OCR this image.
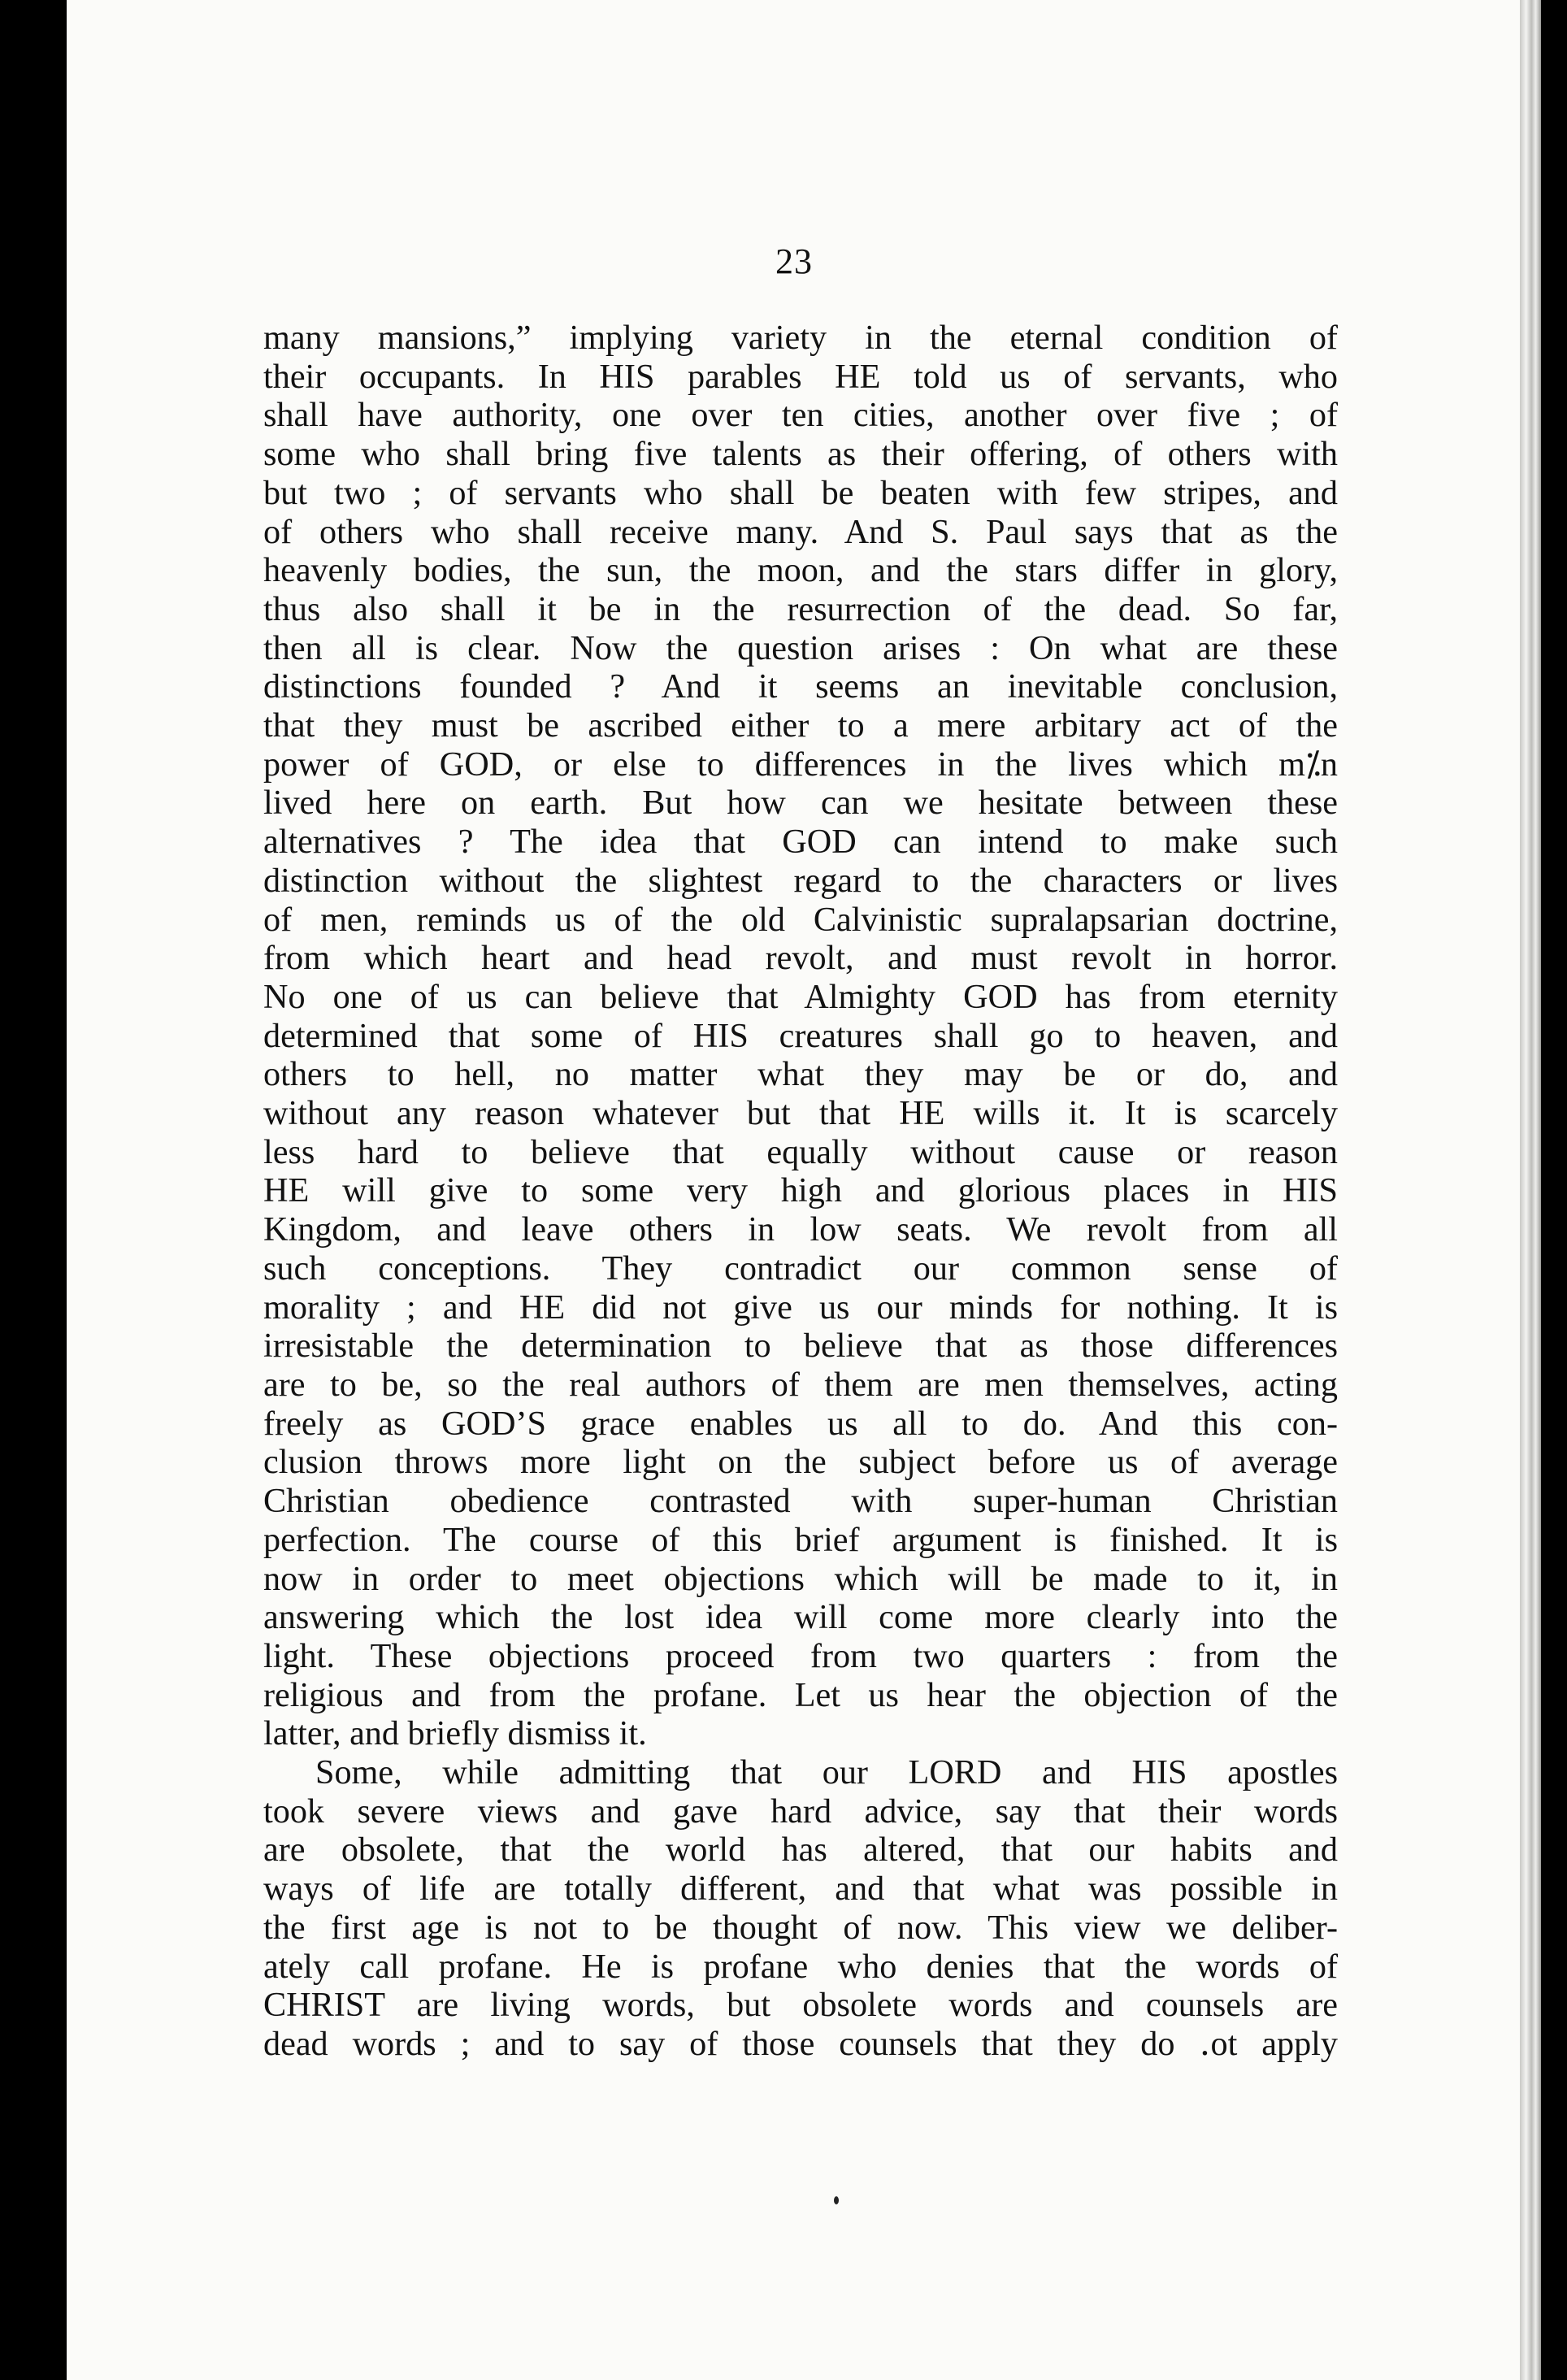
23
many mansions,” implying variety in the eternal condition of
their occupants. In HIS parables HE told us of servants, who
shall have authority, one over ten cities, another over five ; of
some who shall bring five talents as their offering, of others with
but two ; of servants who shall be beaten with few stripes, and
of others who shall receive many. And S. Paul says that as the
heavenly bodies, the sun, the moon, and the stars differ in glory,
thus also shall it be in the resurrection of the dead. So far,
then all is clear. Now the question arises : On what are these
distinctions founded ? And it seems an inevitable conclusion,
that they must be ascribed either to a mere arbitary act of the
power of GOD, or else to differences in the lives which m⁒n
lived here on earth. But how can we hesitate between these
alternatives ? The idea that GOD can intend to make such
distinction without the slightest regard to the characters or lives
of men, reminds us of the old Calvinistic supralapsarian doctrine,
from which heart and head revolt, and must revolt in horror.
No one of us can believe that Almighty GOD has from eternity
determined that some of HIS creatures shall go to heaven, and
others to hell, no matter what they may be or do, and
without any reason whatever but that HE wills it. It is scarcely
less hard to believe that equally without cause or reason
HE will give to some very high and glorious places in HIS
Kingdom, and leave others in low seats. We revolt from all
such conceptions. They contradict our common sense of
morality ; and HE did not give us our minds for nothing. It is
irresistable the determination to believe that as those differences
are to be, so the real authors of them are men themselves, acting
freely as GOD’S grace enables us all to do. And this con-
clusion throws more light on the subject before us of average
Christian obedience contrasted with super-human Christian
perfection. The course of this brief argument is finished. It is
now in order to meet objections which will be made to it, in
answering which the lost idea will come more clearly into the
light. These objections proceed from two quarters : from the
religious and from the profane. Let us hear the objection of the
latter, and briefly dismiss it.
Some, while admitting that our LORD and HIS apostles
took severe views and gave hard advice, say that their words
are obsolete, that the world has altered, that our habits and
ways of life are totally different, and that what was possible in
the first age is not to be thought of now. This view we deliber-
ately call profane. He is profane who denies that the words of
CHRIST are living words, but obsolete words and counsels are
dead words ; and to say of those counsels that they do ․ot apply
